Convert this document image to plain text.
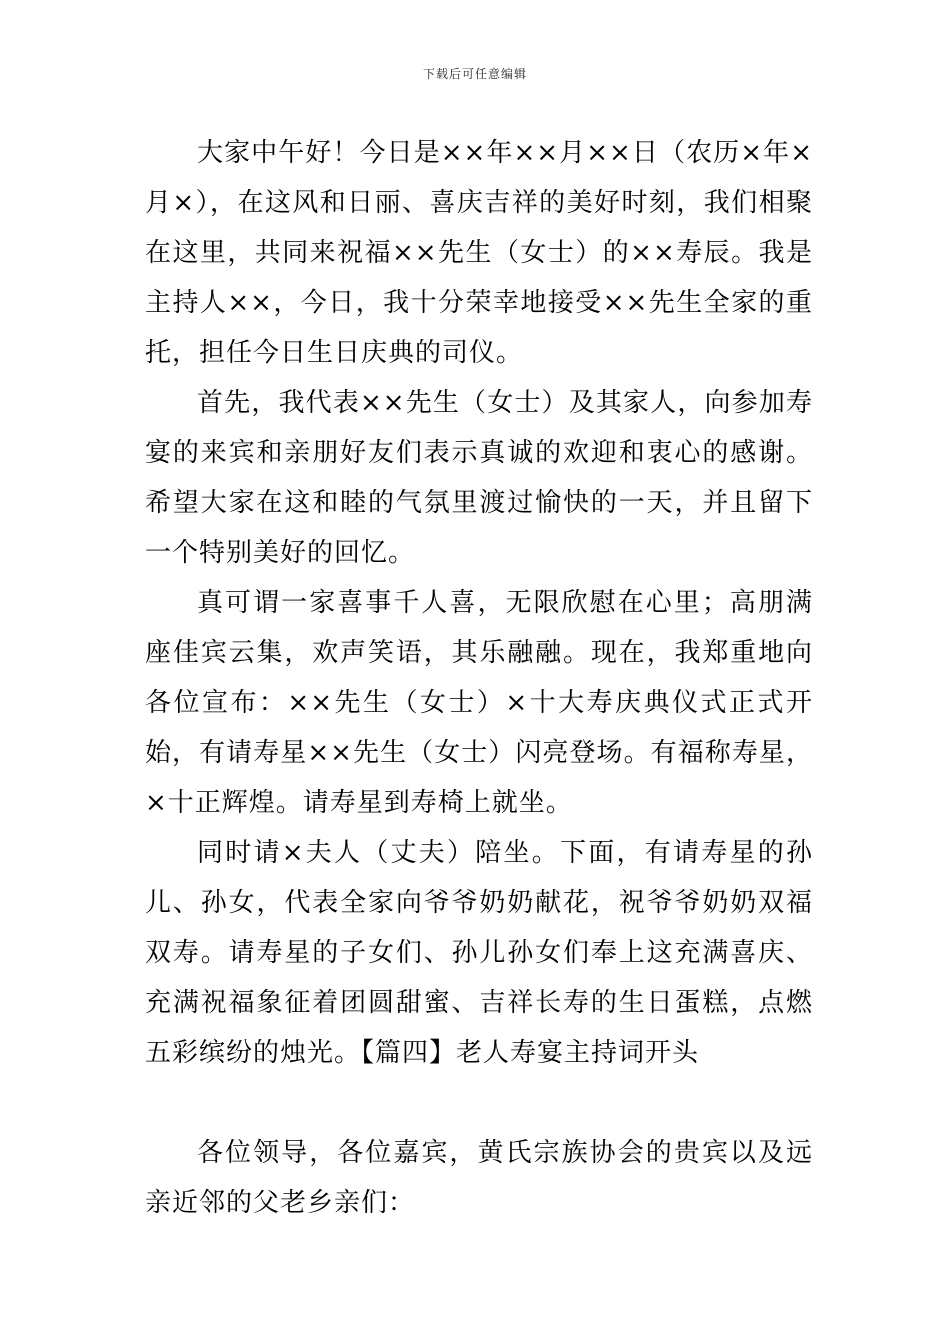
下载后可任意编辑

大家中午好！今日是××年××月××日（农历×年×月×），在这风和日丽、喜庆吉祥的美好时刻，我们相聚在这里，共同来祝福××先生（女士）的××寿辰。我是主持人××，今日，我十分荣幸地接受××先生全家的重托，担任今日生日庆典的司仪。

首先，我代表××先生（女士）及其家人，向参加寿宴的来宾和亲朋好友们表示真诚的欢迎和衷心的感谢。希望大家在这和睦的气氛里渡过愉快的一天，并且留下一个特别美好的回忆。

真可谓一家喜事千人喜，无限欣慰在心里；高朋满座佳宾云集，欢声笑语，其乐融融。现在，我郑重地向各位宣布：××先生（女士）×十大寿庆典仪式正式开始，有请寿星××先生（女士）闪亮登场。有福称寿星，×十正辉煌。请寿星到寿椅上就坐。

同时请×夫人（丈夫）陪坐。下面，有请寿星的孙儿、孙女，代表全家向爷爷奶奶献花，祝爷爷奶奶双福双寿。请寿星的子女们、孙儿孙女们奉上这充满喜庆、充满祝福象征着团圆甜蜜、吉祥长寿的生日蛋糕，点燃五彩缤纷的烛光。【篇四】老人寿宴主持词开头

各位领导，各位嘉宾，黄氏宗族协会的贵宾以及远亲近邻的父老乡亲们：
